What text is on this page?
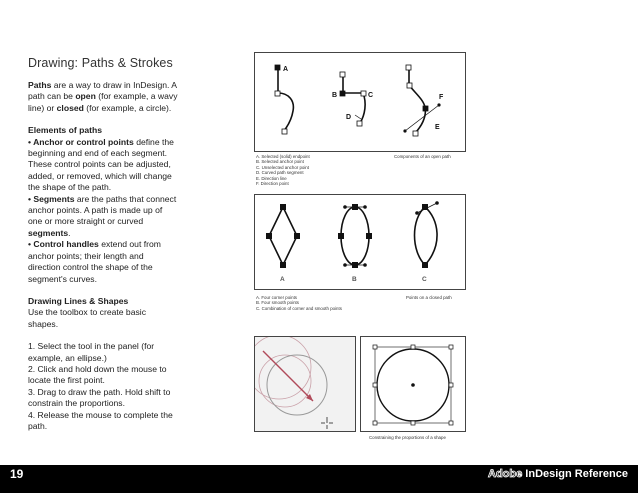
Drawing: Paths & Strokes

Paths are a way to draw in InDesign. A path can be open (for example, a wavy line) or closed (for example, a circle).

Elements of paths

• Anchor or control points define the beginning and end of each segment. These control points can be adjusted, added, or removed, which will change the shape of the path.

• Segments are the paths that connect anchor points. A path is made up of one or more straight or curved segments.

• Control handles extend out from anchor points; their length and direction control the shape of the segment's curves.

Drawing Lines & Shapes

Use the toolbox to create basic shapes.

1. Select the tool in the panel (for example, an ellipse.)

2. Click and hold down the mouse to locate the first point.

3. Drag to draw the path. Hold shift to constrain the proportions.

4. Release the mouse to complete the path.

A
B	C
D
E
F
A. Selected (solid) endpoint
B. Selected anchor point
C. Unselected anchor point
D. Curved path segment
E. Direction line
F. Direction point
Components of an open path
A	B	C
A. Four corner points
B. Four smooth points
C. Combination of corner and smooth points
Points on a closed path
Constraining the proportions of a shape
19	Adobe InDesign Reference
